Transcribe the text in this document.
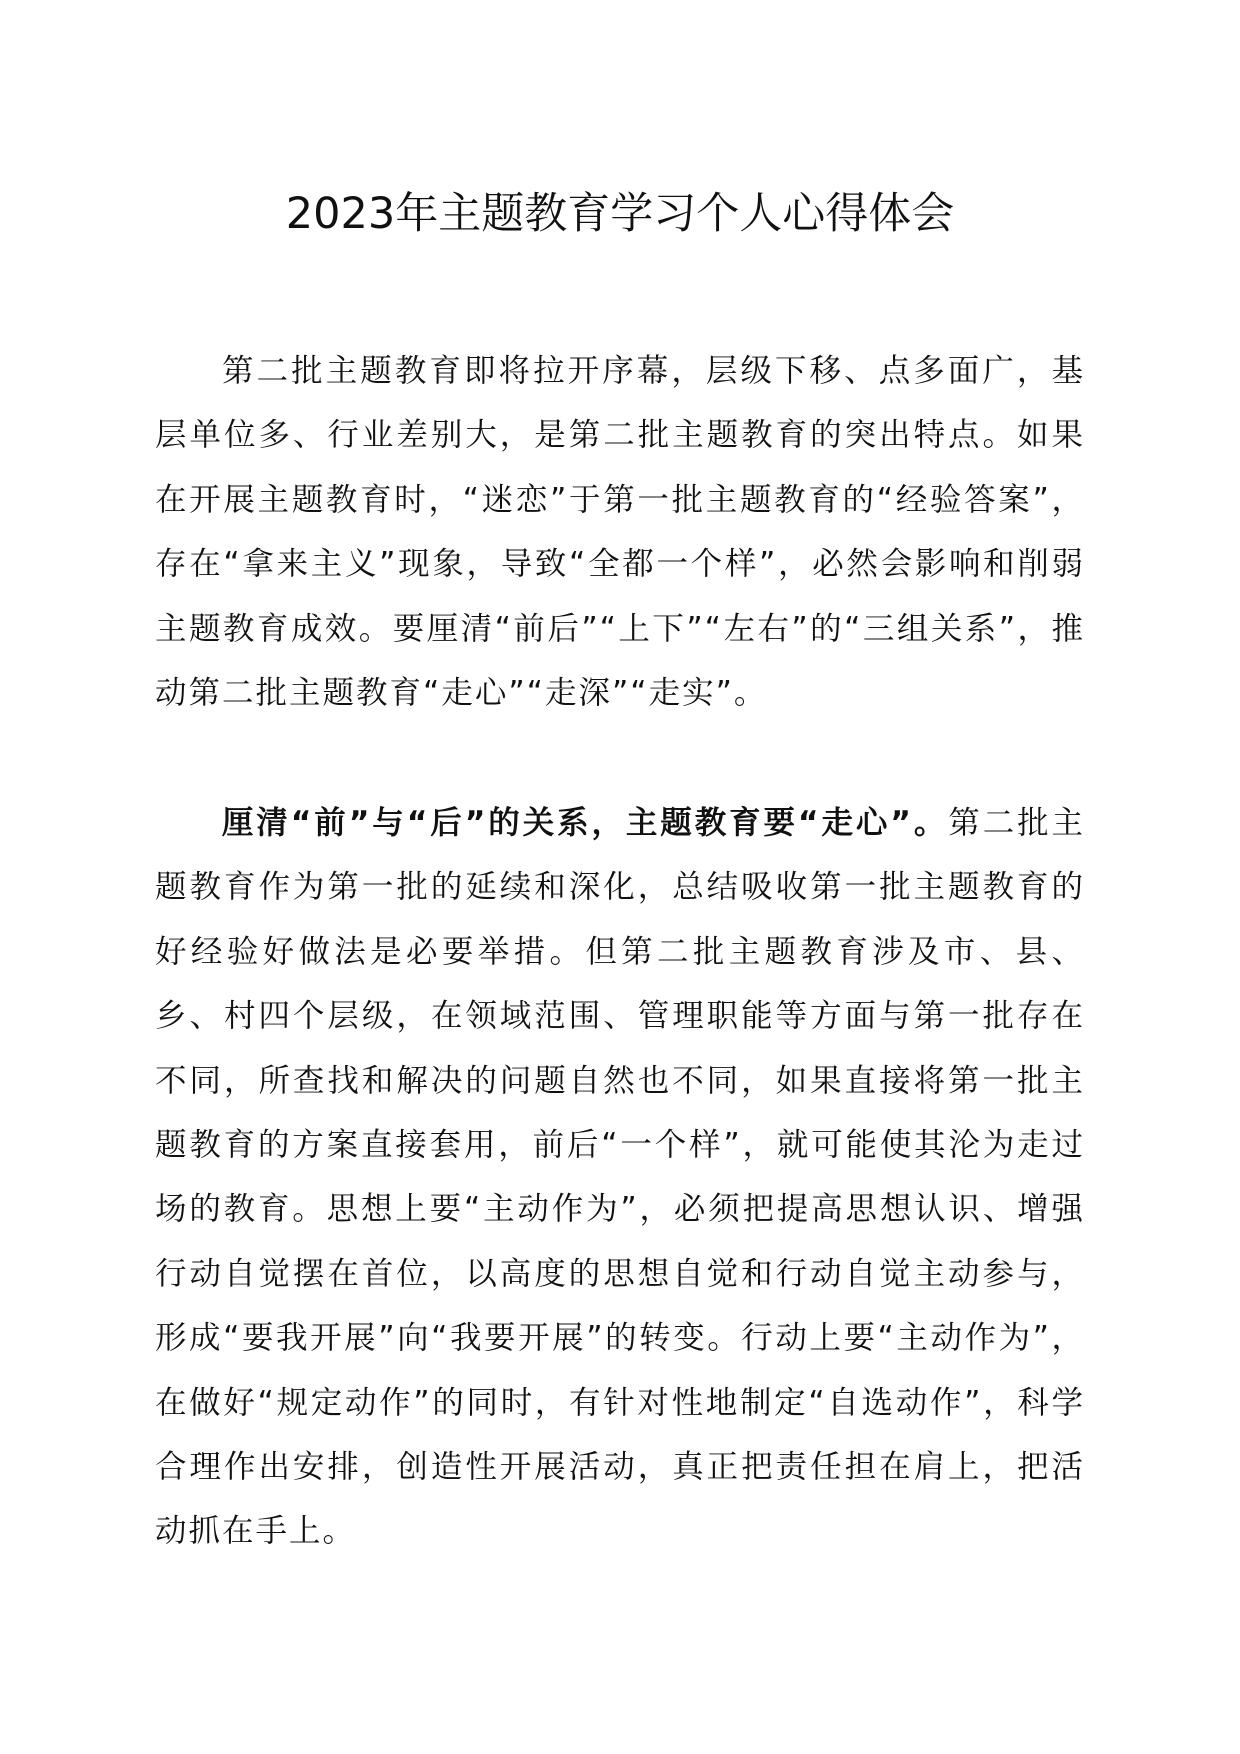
2023年主题教育学习个人心得体会

第二批主题教育即将拉开序幕，层级下移、点多面广，基层单位多、行业差别大，是第二批主题教育的突出特点。如果在开展主题教育时，“迷恋”于第一批主题教育的“经验答案”，存在“拿来主义”现象，导致“全都一个样”，必然会影响和削弱主题教育成效。要厘清“前后”“上下”“左右”的“三组关系”，推动第二批主题教育“走心”“走深”“走实”。

厘清“前”与“后”的关系，主题教育要“走心”。第二批主题教育作为第一批的延续和深化，总结吸收第一批主题教育的好经验好做法是必要举措。但第二批主题教育涉及市、县、乡、村四个层级，在领域范围、管理职能等方面与第一批存在不同，所查找和解决的问题自然也不同，如果直接将第一批主题教育的方案直接套用，前后“一个样”，就可能使其沦为走过场的教育。思想上要“主动作为”，必须把提高思想认识、增强行动自觉摆在首位，以高度的思想自觉和行动自觉主动参与，形成“要我开展”向“我要开展”的转变。行动上要“主动作为”，在做好“规定动作”的同时，有针对性地制定“自选动作”，科学合理作出安排，创造性开展活动，真正把责任担在肩上，把活动抓在手上。
